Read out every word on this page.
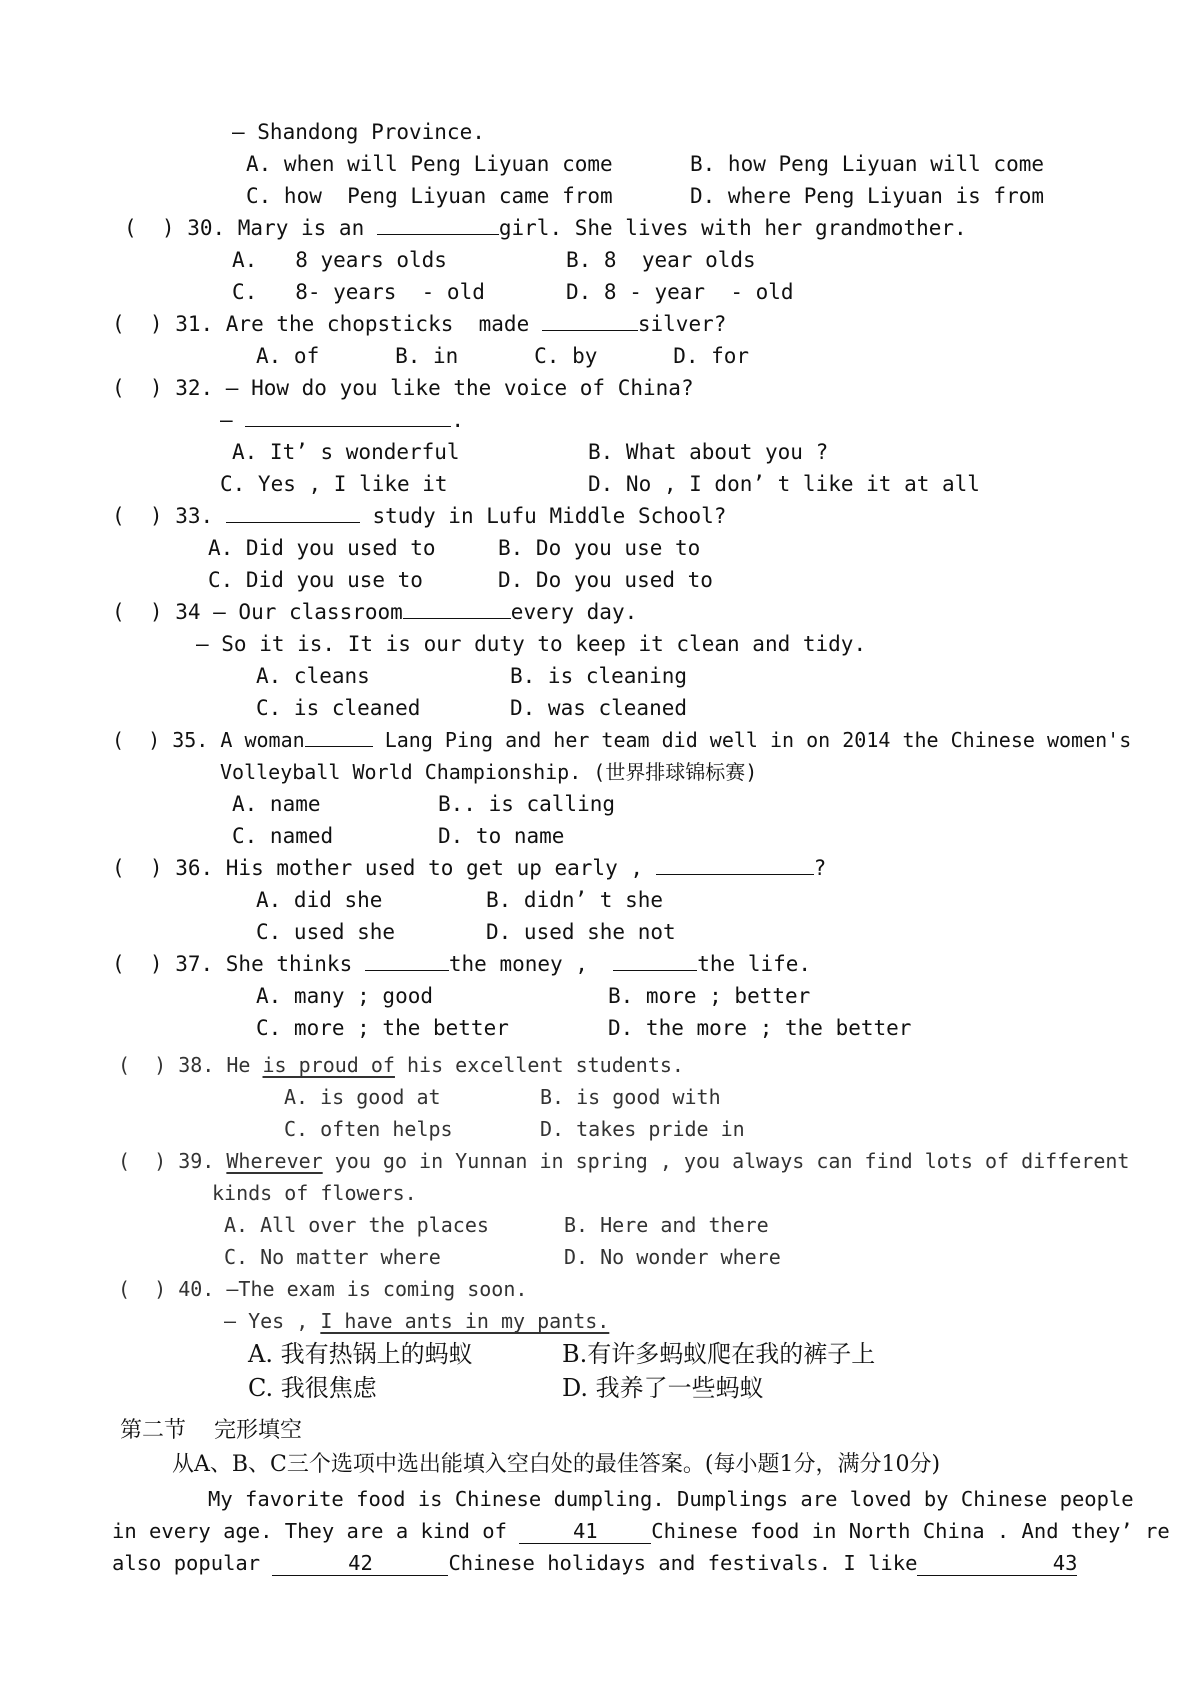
— Shandong Province.
A. when will Peng Liyuan come	B. how Peng Liyuan will come
C. how  Peng Liyuan came from	D. where Peng Liyuan is from
(  ) 30. Mary is an	girl. She lives with her grandmother.
A.   8 years olds	B. 8  year olds
C.   8- years  - old	D. 8 - year  - old
(  ) 31. Are the chopsticks  made	silver?
A. of      B. in      C. by      D. for
(  ) 32. — How do you like the voice of China?
—	.
A. It’ s wonderful	B. What about you ?
C. Yes , I like it	D. No , I don’ t like it at all
(  ) 33.	study in Lufu Middle School?
A. Did you used to	B. Do you use to
C. Did you use to	D. Do you used to
(  ) 34 — Our classroom	every day.
— So it is. It is our duty to keep it clean and tidy.
A. cleans	B. is cleaning
C. is cleaned	D. was cleaned
(  ) 35. A woman	Lang Ping and her team did well in on 2014 the Chinese women's
Volleyball World Championship. (世界排球锦标赛)
A. name	B.. is calling
C. named	D. to name
(  ) 36. His mother used to get up early ,	?
A. did she	B. didn’ t she
C. used she	D. used she not
(  ) 37. She thinks	the money ,	the life.
A. many ; good	B. more ; better
C. more ; the better	D. the more ; the better
(  ) 38. He is proud of his excellent students.
A. is good at	B. is good with
C. often helps	D. takes pride in
(  ) 39. Wherever you go in Yunnan in spring , you always can find lots of different
kinds of flowers.
A. All over the places	B. Here and there
C. No matter where	D. No wonder where
(  ) 40. —The exam is coming soon.
— Yes , I have ants in my pants.
A. 我有热锅上的蚂蚁	B.有许多蚂蚁爬在我的裤子上
C. 我很焦虑	D. 我养了一些蚂蚁
第二节    完形填空
从A、B、C三个选项中选出能填入空白处的最佳答案。(每小题1分，满分10分)
My favorite food is Chinese dumpling. Dumplings are loved by Chinese people
in every age. They are a kind of	41	Chinese food in North China . And they’ re
also popular	42	Chinese holidays and festivals. I like	43
